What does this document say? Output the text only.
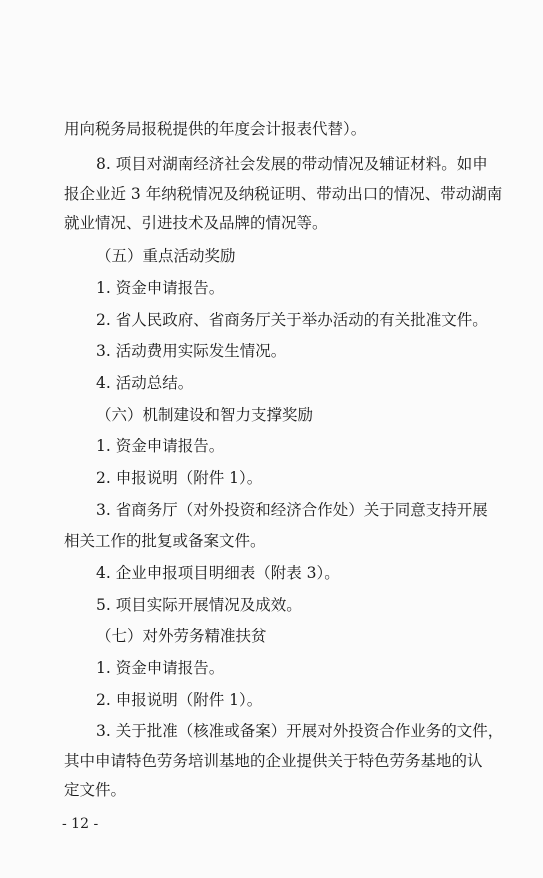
用向税务局报税提供的年度会计报表代替）。
8. 项目对湖南经济社会发展的带动情况及辅证材料。如申
报企业近 3 年纳税情况及纳税证明、带动出口的情况、带动湖南
就业情况、引进技术及品牌的情况等。
（五）重点活动奖励
1. 资金申请报告。
2. 省人民政府、省商务厅关于举办活动的有关批准文件。
3. 活动费用实际发生情况。
4. 活动总结。
（六）机制建设和智力支撑奖励
1. 资金申请报告。
2. 申报说明（附件 1）。
3. 省商务厅（对外投资和经济合作处）关于同意支持开展
相关工作的批复或备案文件。
4. 企业申报项目明细表（附表 3）。
5. 项目实际开展情况及成效。
（七）对外劳务精准扶贫
1. 资金申请报告。
2. 申报说明（附件 1）。
3. 关于批准（核准或备案）开展对外投资合作业务的文件，
其中申请特色劳务培训基地的企业提供关于特色劳务基地的认
定文件。
- 12 -
